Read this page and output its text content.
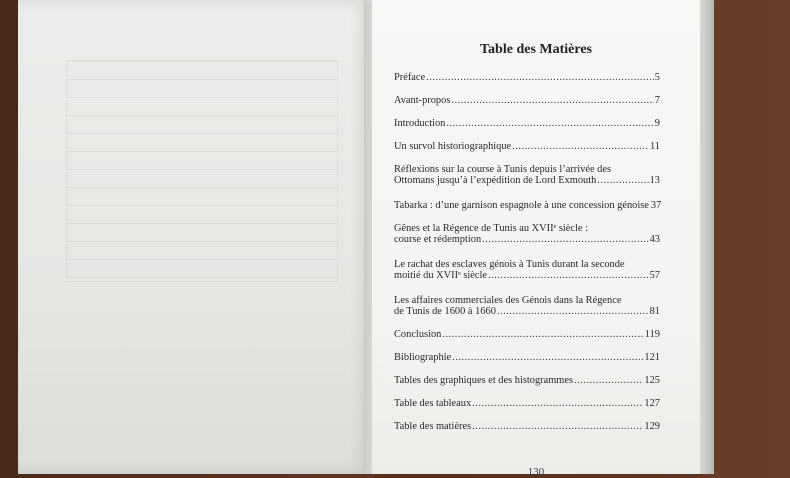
Table des Matières
Préface .....	5
Avant-propos .....	7
Introduction .....	9
Un survol historiographique .....	11
Réflexions sur la course à Tunis depuis l’arrivée des
Ottomans jusqu’à l’expédition de Lord Exmouth .....	13
Tabarka : d’une garnison espagnole à une concession génoise 37
Gênes et la Régence de Tunis au XVIIᵉ siècle :
course et rédemption .....	43
Le rachat des esclaves génois à Tunis durant la seconde
moitié du XVIIᵉ siècle .....	57
Les affaires commerciales des Génois dans la Régence
de Tunis de 1600 à 1660 .....	81
Conclusion .....	119
Bibliographie .....	121
Tables des graphiques et des histogrammes .....	125
Table des tableaux .....	127
Table des matières .....	129
130
